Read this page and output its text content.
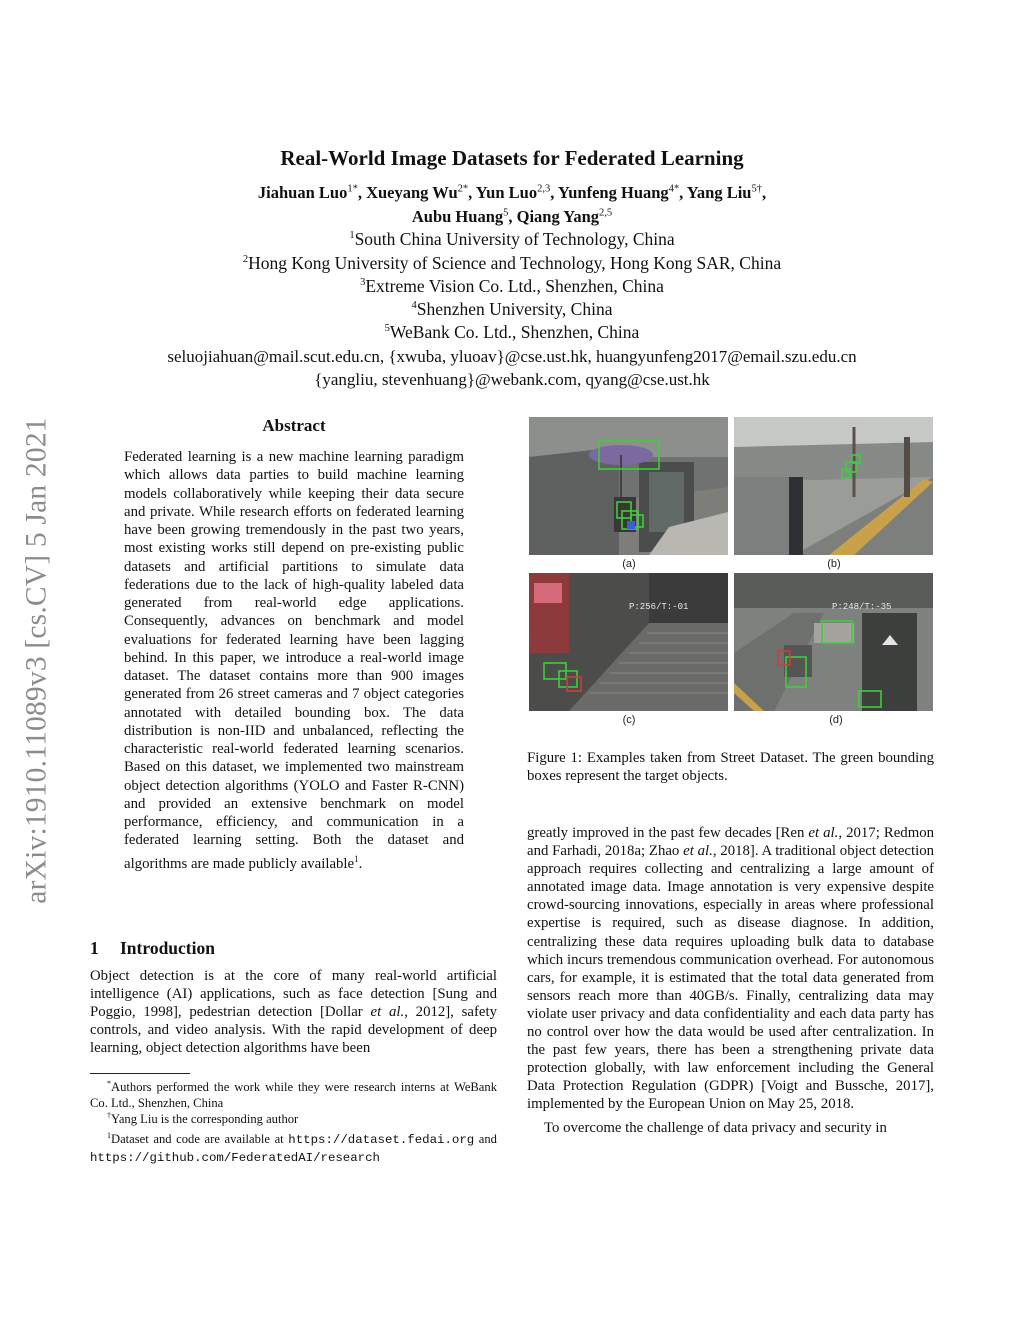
arXiv:1910.11089v3 [cs.CV] 5 Jan 2021
Real-World Image Datasets for Federated Learning
Jiahuan Luo$^{1*}$, Xueyang $Wu^{2*}$, Yun Luo$^{2,3}$, Yunfeng Huang$^{4*}$, Yang Liu$^{5\dagger}$,
Aubu Huang$^5$, Qiang Yang$^{2,5}$
$^1$South China University of Technology, China
$^2$Hong Kong University of Science and Technology, Hong Kong SAR, China
$^3$Extreme Vision Co. Ltd., Shenzhen, China
$^4$Shenzhen University, China
$^5$WeBank Co. Ltd., Shenzhen, China
seluojiahuan@mail.scut.edu.cn, {xwuba, yluoav}@cse.ust.hk, huangyunfeng2017@email.szu.edu.cn
{yangliu, stevenhuang}@webank.com, qyang@cse.ust.hk
Abstract
Federated learning is a new machine learning paradigm which allows data parties to build machine learning models collaboratively while keeping their data secure and private. While research efforts on federated learning have been growing tremendously in the past two years, most existing works still depend on pre-existing public datasets and artificial partitions to simulate data federations due to the lack of high-quality labeled data generated from real-world edge applications. Consequently, advances on benchmark and model evaluations for federated learning have been lagging behind. In this paper, we introduce a real-world image dataset. The dataset contains more than 900 images generated from 26 street cameras and 7 object categories annotated with detailed bounding box. The data distribution is non-IID and unbalanced, reflecting the characteristic real-world federated learning scenarios. Based on this dataset, we implemented two mainstream object detection algorithms (YOLO and Faster R-CNN) and provided an extensive benchmark on model performance, efficiency, and communication in a federated learning setting. Both the dataset and algorithms are made publicly available$^1$.
1 Introduction
Object detection is at the core of many real-world artificial intelligence (AI) applications, such as face detection [Sung and Poggio, 1998], pedestrian detection [Dollar et al., 2012], safety controls, and video analysis. With the rapid development of deep learning, object detection algorithms have been
*Authors performed the work while they were research interns at WeBank Co. Ltd., Shenzhen, China
†Yang Liu is the corresponding author
$^1$Dataset and code are available at https://dataset.fedai.org and https://github.com/FederatedAI/research
(a)	(b)
P:256/T:-01
(c)
P:248/T:-35
(d)
Figure 1: Examples taken from Street Dataset. The green bounding boxes represent the target objects.

greatly improved in the past few decades [Ren et al., 2017; Redmon and Farhadi, 2018a; Zhao et al., 2018]. A traditional object detection approach requires collecting and centralizing a large amount of annotated image data. Image annotation is very expensive despite crowd-sourcing innovations, especially in areas where professional expertise is required, such as disease diagnose. In addition, centralizing these data requires uploading bulk data to database which incurs tremendous communication overhead. For autonomous cars, for example, it is estimated that the total data generated from sensors reach more than 40GB/s. Finally, centralizing data may violate user privacy and data confidentiality and each data party has no control over how the data would be used after centralization. In the past few years, there has been a strengthening private data protection globally, with law enforcement including the General Data Protection Regulation (GDPR) [Voigt and Bussche, 2017], implemented by the European Union on May 25, 2018.

To overcome the challenge of data privacy and security in
